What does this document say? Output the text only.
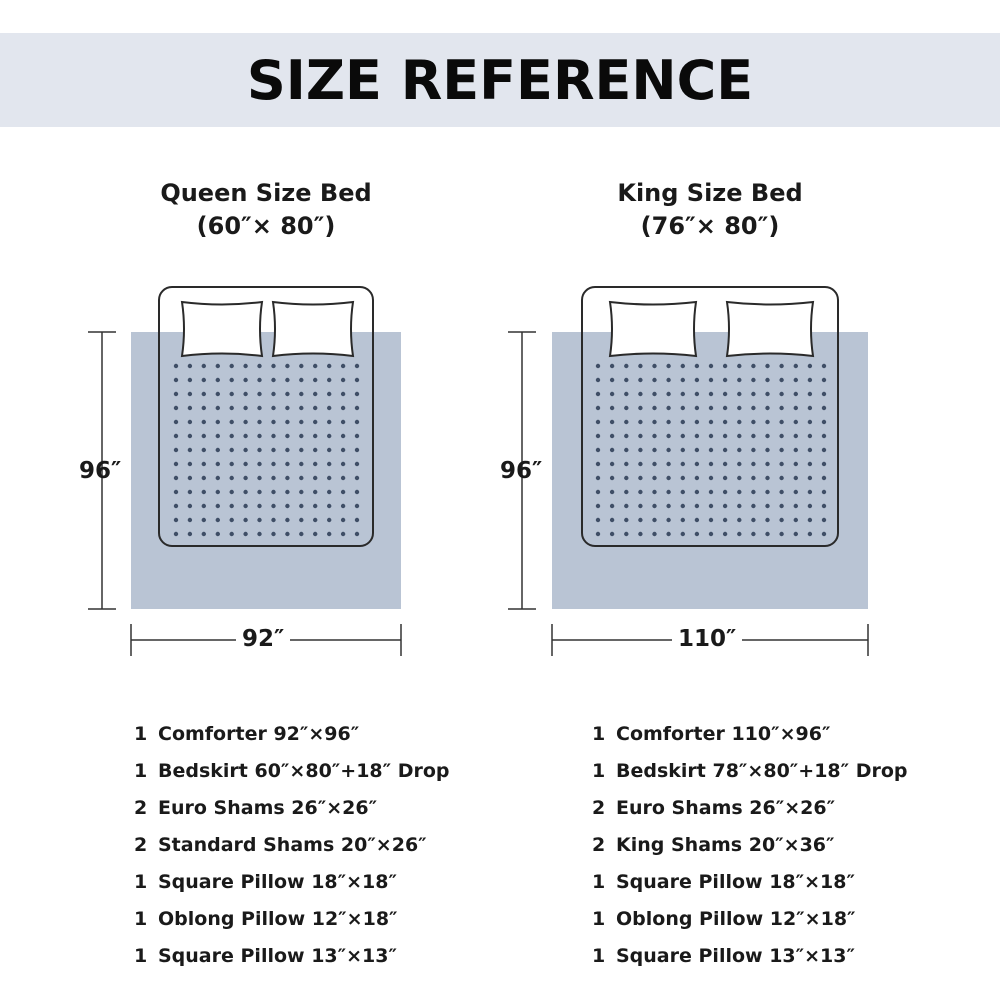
SIZE REFERENCE
Queen Size Bed
(60″× 80″)
King Size Bed
(76″× 80″)
96″
92″
96″
110″
1 Comforter 92″×96″
1 Bedskirt 60″×80″+18″ Drop
2 Euro Shams 26″×26″
2 Standard Shams 20″×26″
1 Square Pillow 18″×18″
1 Oblong Pillow 12″×18″
1 Square Pillow 13″×13″
1 Comforter 110″×96″
1 Bedskirt 78″×80″+18″ Drop
2 Euro Shams 26″×26″
2 King Shams 20″×36″
1 Square Pillow 18″×18″
1 Oblong Pillow 12″×18″
1 Square Pillow 13″×13″
